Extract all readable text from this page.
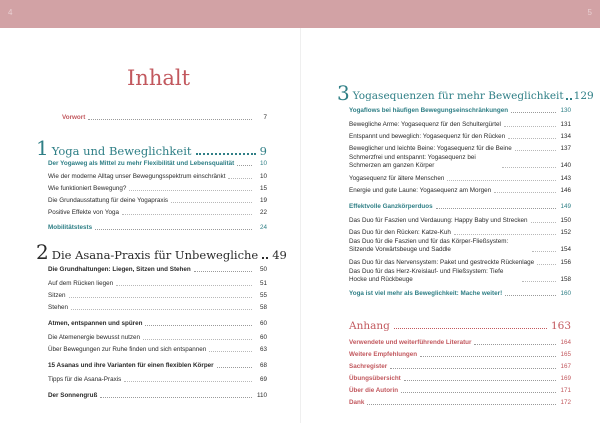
4	5
Inhalt
Vorwort	7
1 Yoga und Beweglichkeit	9
Der Yogaweg als Mittel zu mehr Flexibilität und Lebensqualität	10
Wie der moderne Alltag unser Bewegungsspektrum einschränkt	10
Wie funktioniert Bewegung?	15
Die Grundausstattung für deine Yogapraxis	19
Positive Effekte von Yoga	22
Mobilitätstests	24
2 Die Asana-Praxis für Unbewegliche 49
Die Grundhaltungen: Liegen, Sitzen und Stehen	50
Auf dem Rücken liegen	51
Sitzen	55
Stehen	58
Atmen, entspannen und spüren	60
Die Atemenergie bewusst nutzen	60
Über Bewegungen zur Ruhe finden und sich entspannen	63
15 Asanas und ihre Varianten für einen flexiblen Körper	68
Tipps für die Asana-Praxis	69
Der Sonnengruß	110
3 Yogasequenzen für mehr Beweglichkeit 129
Yogaflows bei häufigen Bewegungseinschränkungen	130
Bewegliche Arme: Yogasequenz für den Schultergürtel	131
Entspannt und beweglich: Yogasequenz für den Rücken	134
Beweglicher und leichte Beine: Yogasequenz für die Beine	137
Schmerzfrei und entspannt: Yogasequenz bei Schmerzen am ganzen Körper	140
Yogasequenz für ältere Menschen	143
Energie und gute Laune: Yogasequenz am Morgen	146
Effektvolle Ganzkörperduos	149
Das Duo für Faszien und Verdauung: Happy Baby und Strecken	150
Das Duo für den Rücken: Katze-Kuh	152
Das Duo für die Faszien und für das Körper-Fließsystem: Sitzende Vorwärtsbeuge und Saddle	154
Das Duo für das Nervensystem: Paket und gestreckte Rückenlage	156
Das Duo für das Herz-Kreislauf- und Fließsystem: Tiefe Hocke und Rückbeuge	158
Yoga ist viel mehr als Beweglichkeit: Mache weiter!	160
Anhang	163
Verwendete und weiterführende Literatur	164
Weitere Empfehlungen	165
Sachregister	167
Übungsübersicht	169
Über die Autorin	171
Dank	172
